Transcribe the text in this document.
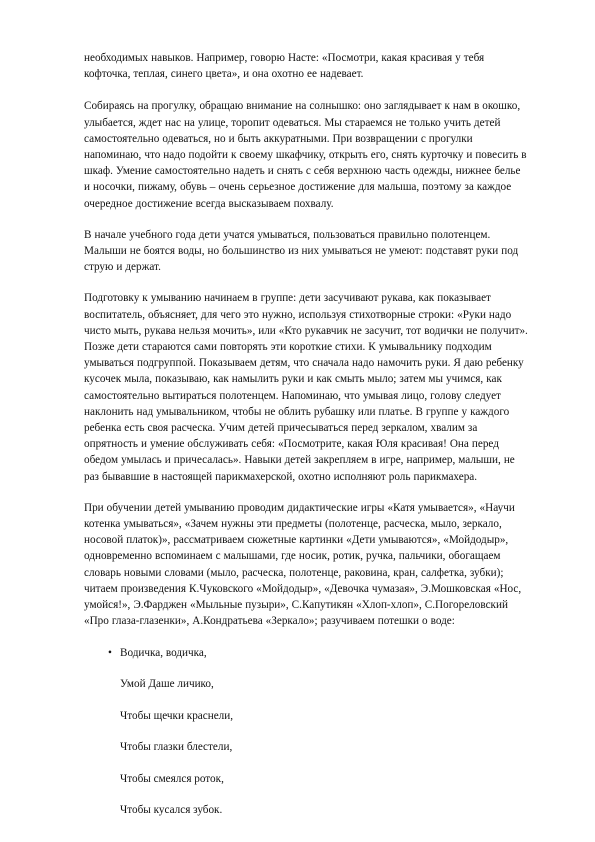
необходимых навыков. Например, говорю Насте: «Посмотри, какая красивая у тебя кофточка, теплая, синего цвета», и она охотно ее надевает.

Собираясь на прогулку, обращаю внимание на солнышко: оно заглядывает к нам в окошко, улыбается, ждет нас на улице, торопит одеваться. Мы стараемся не только учить детей самостоятельно одеваться, но и быть аккуратными. При возвращении с прогулки напоминаю, что надо подойти к своему шкафчику, открыть его, снять курточку и повесить в шкаф. Умение самостоятельно надеть и снять с себя верхнюю часть одежды, нижнее белье и носочки, пижаму, обувь – очень серьезное достижение для малыша, поэтому за каждое очередное достижение всегда высказываем похвалу.

В начале учебного года дети учатся умываться, пользоваться правильно полотенцем. Малыши не боятся воды, но большинство из них умываться не умеют: подставят руки под струю и держат.

Подготовку к умыванию начинаем в группе: дети засучивают рукава, как показывает воспитатель, объясняет, для чего это нужно, используя стихотворные строки: «Руки надо чисто мыть, рукава нельзя мочить», или «Кто рукавчик не засучит, тот водички не получит». Позже дети стараются сами повторять эти короткие стихи. К умывальнику подходим умываться подгруппой. Показываем детям, что сначала надо намочить руки. Я даю ребенку кусочек мыла, показываю, как намылить руки и как смыть мыло; затем мы учимся, как самостоятельно вытираться полотенцем. Напоминаю, что умывая лицо, голову следует наклонить над умывальником, чтобы не облить рубашку или платье. В группе у каждого ребенка есть своя расческа. Учим детей причесываться перед зеркалом, хвалим за опрятность и умение обслуживать себя: «Посмотрите, какая Юля красивая! Она перед обедом умылась и причесалась». Навыки детей закрепляем в игре, например, малыши, не раз бывавшие в настоящей парикмахерской, охотно исполняют роль парикмахера.

При обучении детей умыванию проводим дидактические игры «Катя умывается», «Научи котенка умываться», «Зачем нужны эти предметы (полотенце, расческа, мыло, зеркало, носовой платок)», рассматриваем сюжетные картинки «Дети умываются», «Мойдодыр», одновременно вспоминаем с малышами, где носик, ротик, ручка, пальчики, обогащаем словарь новыми словами (мыло, расческа, полотенце, раковина, кран, салфетка, зубки); читаем произведения К.Чуковского «Мойдодыр», «Девочка чумазая», Э.Мошковская «Нос, умойся!», Э.Фарджен «Мыльные пузыри», С.Капутикян «Хлоп-хлоп», С.Погореловский «Про глаза-глазенки», А.Кондратьева «Зеркало»; разучиваем потешки о воде:

• Водичка, водичка,

Умой Даше личико,

Чтобы щечки краснели,

Чтобы глазки блестели,

Чтобы смеялся роток,

Чтобы кусался зубок.
